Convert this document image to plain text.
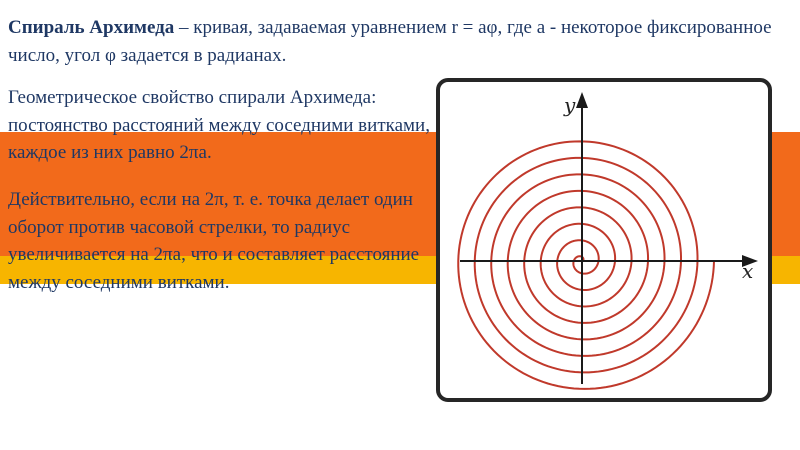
Спираль Архимеда – кривая, задаваемая уравнением r = aφ, где a - некоторое фиксированное число, угол φ задается в радианах.

Геометрическое свойство спирали Архимеда: постоянство расстояний между соседними витками, каждое из них равно 2πa.

Действительно, если на 2π, т. е. точка делает один оборот против часовой стрелки, то радиус увеличивается на 2πa, что и составляет расстояние между соседними витками.	x
y
